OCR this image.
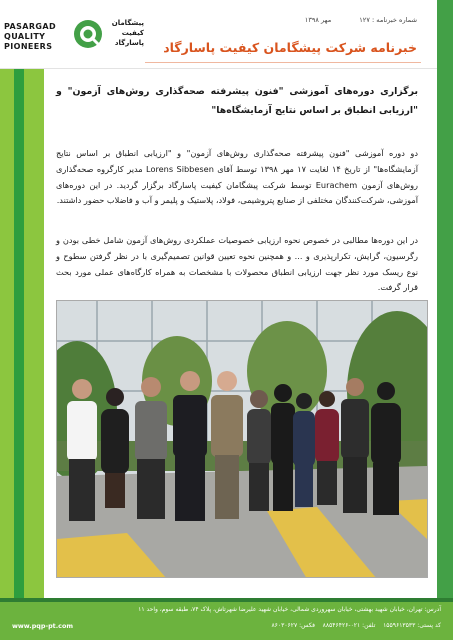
PASARGAD
QUALITY
PIONEERS
پیشگامان
کیفیت
پاسارگاد
شماره خبرنامه : ۱۲۷
مهر ۱۳۹۸
خبرنامه شرکت پیشگامان کیفیت پاسارگاد

برگزاری دوره‌های آموزشی "فنون پیشرفته صحه‌گذاری روش‌های آزمون" و "ارزیابی انطباق بر اساس نتایج آزمایشگاه‌ها"

دو دوره آموزشی "فنون پیشرفته صحه‌گذاری روش‌های آزمون" و "ارزیابی انطباق بر اساس نتایج آزمایشگاه‌ها" از تاریخ ۱۴ لغایت ۱۷ مهر ۱۳۹۸ توسط آقای Lorens Sibbesen مدیر کارگروه صحه‌گذاری روش‌های آزمون Eurachem توسط شرکت پیشگامان کیفیت پاسارگاد برگزار گردید. در این دوره‌های آموزشی، شرکت‌کنندگان مختلفی از صنایع پتروشیمی، فولاد، پلاستیک و پلیمر و آب و فاضلاب حضور داشتند.

در این دوره‌ها مطالبی در خصوص نحوه ارزیابی خصوصیات عملکردی روش‌های آزمون شامل خطی بودن و رگرسیون، گرایش، تکرارپذیری و ... و همچنین نحوه تعیین قوانین تصمیم‌گیری با در نظر گرفتن سطوح و نوع ریسک مورد نظر جهت ارزیابی انطباق محصولات با مشخصات به همراه کارگاه‌های عملی مورد بحث قرار گرفت.

آدرس: تهران، خیابان شهید بهشتی، خیابان سهروردی شمالی، خیابان شهید علیرضا شهرتاش، پلاک ۷۴، طبقه سوم، واحد ۱۱
کد پستی: ۱۵۵۹۶۱۳۵۳۳    تلفن: ۰۲۱-۸۸۵۴۶۴۲۶    فکس: ۸۶۰۳۰۶۲۷
www.pqp-pt.com
